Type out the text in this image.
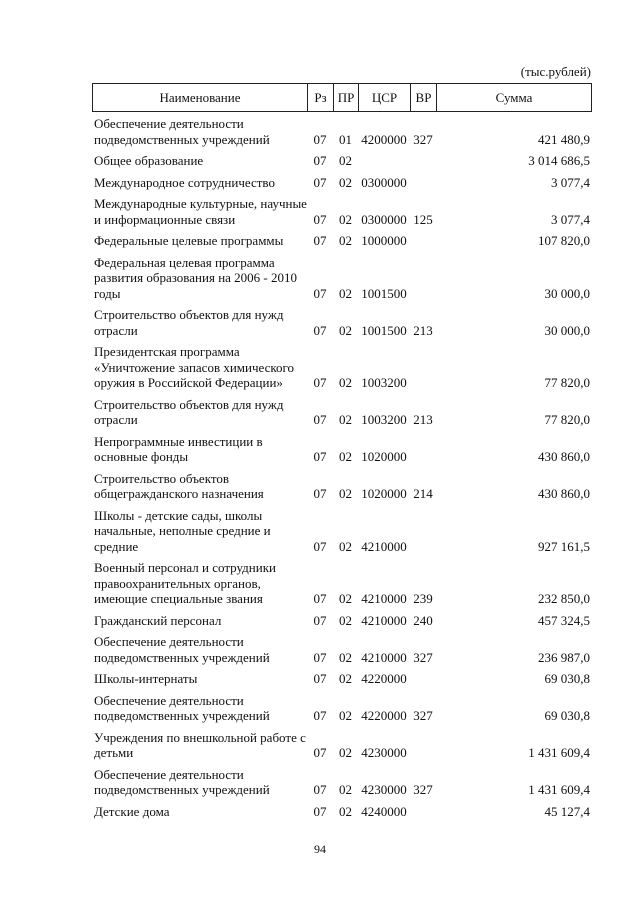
(тыс.рублей)
Наименование	Рз	ПР	ЦСР	ВР	Сумма
Обеспечение деятельности подведомственных учреждений	07 01 4200000 327	421 480,9
Общее образование	07 02	3 014 686,5
Международное сотрудничество	07 02 0300000	3 077,4
Международные культурные, научные и информационные связи	07 02 0300000 125	3 077,4
Федеральные целевые программы	07 02 1000000	107 820,0
Федеральная целевая программа развития образования на 2006 - 2010 годы	07 02 1001500	30 000,0
Строительство объектов для нужд отрасли	07 02 1001500 213	30 000,0
Президентская программа «Уничтожение запасов химического оружия в Российской Федерации»	07 02 1003200	77 820,0
Строительство объектов для нужд отрасли	07 02 1003200 213	77 820,0
Непрограммные инвестиции в основные фонды	07 02 1020000	430 860,0
Строительство объектов общегражданского назначения	07 02 1020000 214	430 860,0
Школы - детские сады, школы начальные, неполные средние и средние	07 02 4210000	927 161,5
Военный персонал и сотрудники правоохранительных органов, имеющие специальные звания	07 02 4210000 239	232 850,0
Гражданский персонал	07 02 4210000 240	457 324,5
Обеспечение деятельности подведомственных учреждений	07 02 4210000 327	236 987,0
Школы-интернаты	07 02 4220000	69 030,8
Обеспечение деятельности подведомственных учреждений	07 02 4220000 327	69 030,8
Учреждения по внешкольной работе с детьми	07 02 4230000	1 431 609,4
Обеспечение деятельности подведомственных учреждений	07 02 4230000 327	1 431 609,4
Детские дома	07 02 4240000	45 127,4
94
